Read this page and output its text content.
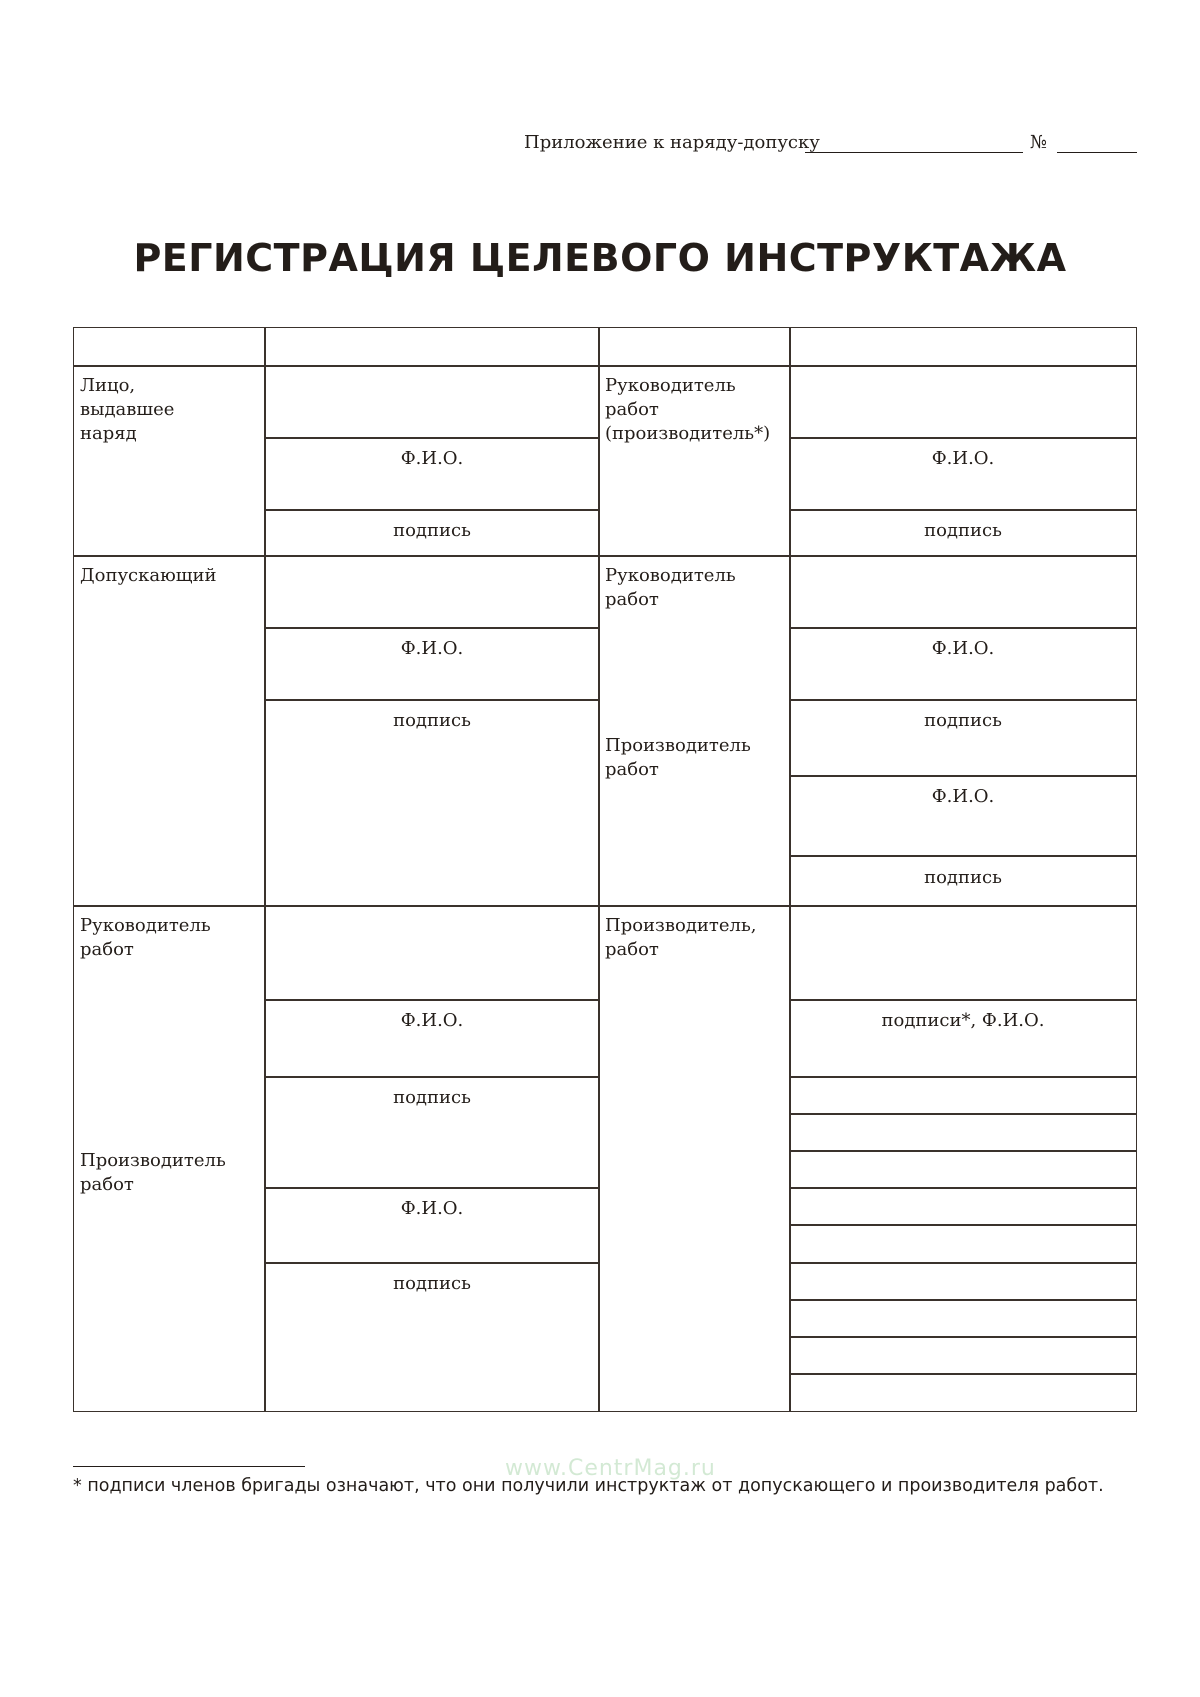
Приложение к наряду-допуску	№
РЕГИСТРАЦИЯ ЦЕЛЕВОГО ИНСТРУКТАЖА
Лицо,
выдавшее
наряд
Ф.И.О.
подпись
Руководитель
работ
(производитель*)
Ф.И.О.
подпись
Допускающий
Ф.И.О.
подпись
Руководитель
работ
Производитель
работ
Ф.И.О.
подпись
Ф.И.О.
подпись
Руководитель
работ
Производитель
работ
Ф.И.О.
подпись
Ф.И.О.
подпись
Производитель,
работ
подписи*, Ф.И.О.
www.CentrMag.ru
* подписи членов бригады означают, что они получили инструктаж от допускающего и производителя работ.
